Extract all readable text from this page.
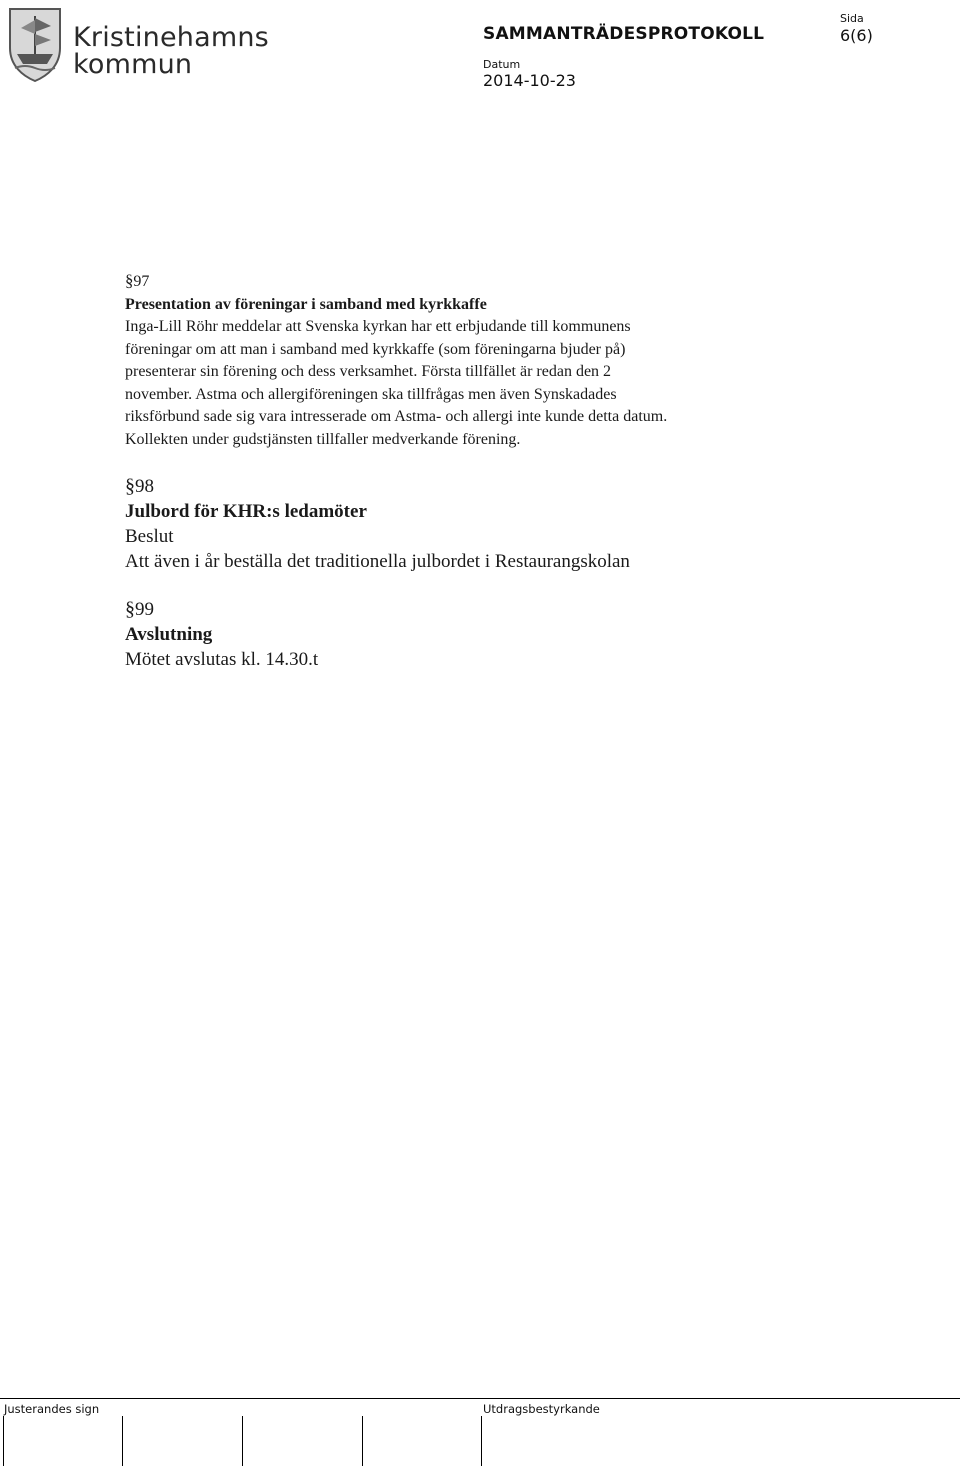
Kristinehamns
kommun
SAMMANTRÄDESPROTOKOLL
Sida
6(6)
Datum
2014-10-23
§97
Presentation av föreningar i samband med kyrkkaffe
Inga-Lill Röhr meddelar att Svenska kyrkan har ett erbjudande till kommunens
föreningar om att man i samband med kyrkkaffe (som föreningarna bjuder på)
presenterar sin förening och dess verksamhet. Första tillfället är redan den 2
november. Astma och allergiföreningen ska tillfrågas men även Synskadades
riksförbund sade sig vara intresserade om Astma- och allergi inte kunde detta datum.
Kollekten under gudstjänsten tillfaller medverkande förening.
§98
Julbord för KHR:s ledamöter
Beslut
Att även i år beställa det traditionella julbordet i Restaurangskolan
§99
Avslutning
Mötet avslutas kl. 14.30.t
Justerandes sign	Utdragsbestyrkande
